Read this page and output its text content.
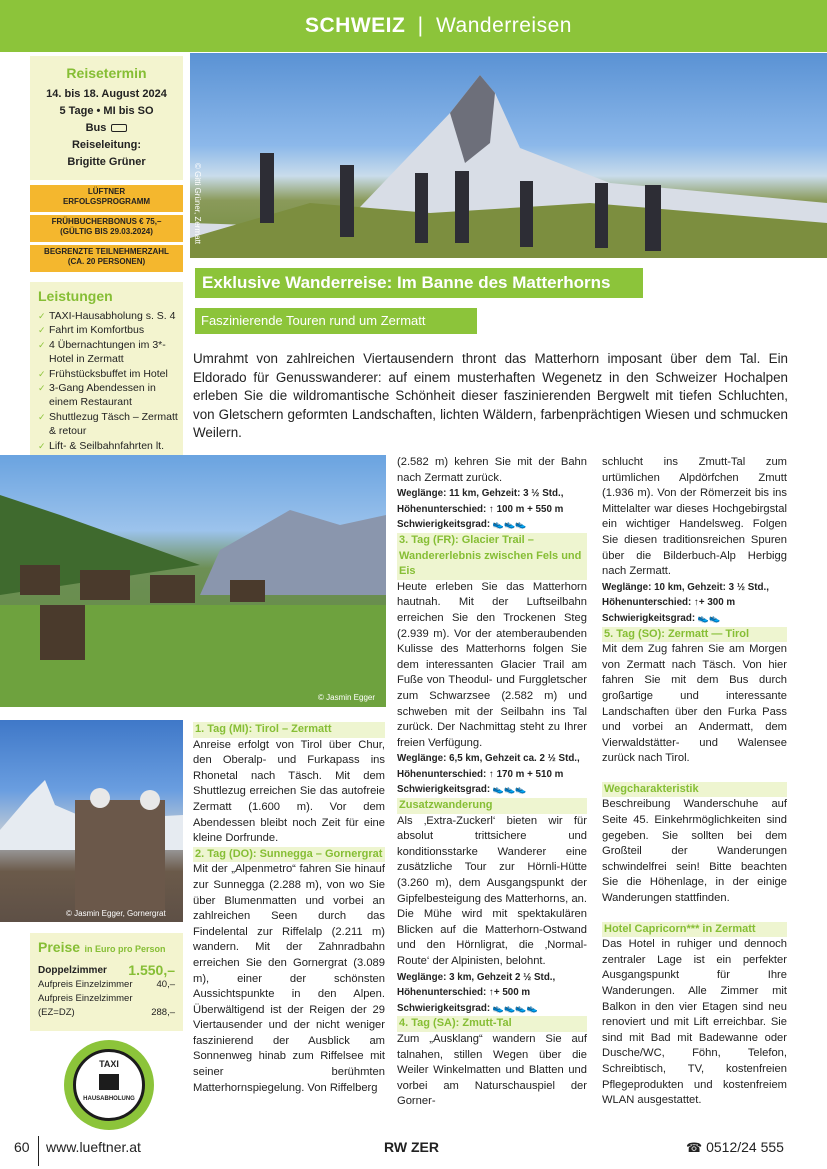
SCHWEIZ | Wanderreisen
Reisetermin
14. bis 18. August 2024
5 Tage • MI bis SO
Bus
Reiseleitung:
Brigitte Grüner
LÜFTNER
ERFOLGSPROGRAMM
FRÜHBUCHERBONUS € 75,–
(GÜLTIG BIS 29.03.2024)
BEGRENZTE TEILNEHMERZAHL
(CA. 20 PERSONEN)
Leistungen
✓ TAXI-Hausabholung s. S. 4
✓ Fahrt im Komfortbus
✓ 4 Übernachtungen im 3*-Hotel in Zermatt
✓ Frühstücksbuffet im Hotel
✓ 3-Gang Abendessen in einem Restaurant
✓ Shuttlezug Täsch – Zermatt & retour
✓ Lift- & Seilbahnfahrten lt.
✓
✓
© Gitti Grüner, Zermatt
Exklusive Wanderreise: Im Banne des Matterhorns
Faszinierende Touren rund um Zermatt
Umrahmt von zahlreichen Viertausendern thront das Matterhorn imposant über dem Tal. Ein Eldorado für Genusswanderer: auf einem musterhaften Wegenetz in den Schweizer Hochalpen erleben Sie die wildromantische Schönheit dieser faszinierenden Bergwelt mit tiefen Schluchten, von Gletschern geformten Landschaften, lichten Wäldern, farbenprächtigen Wiesen und schmucken Weilern.
© Jasmin Egger
© Jasmin Egger, Gornergrat
Preise in Euro pro Person
Doppelzimmer 1.550,–
Aufpreis Einzelzimmer	40,–
Aufpreis Einzelzimmer
(EZ=DZ)	288,–
TAXI
HAUSABHOLUNG
1. Tag (MI): Tirol – Zermatt

Anreise erfolgt von Tirol über Chur, den Oberalp- und Furkapass ins Rhonetal nach Täsch. Mit dem Shuttlezug erreichen Sie das autofreie Zermatt (1.600 m). Vor dem Abendessen bleibt noch Zeit für eine kleine Dorfrunde.

2. Tag (DO): Sunnegga – Gornergrat

Mit der „Alpenmetro“ fahren Sie hinauf zur Sunnegga (2.288 m), von wo Sie über Blumenmatten und vorbei an zahlreichen Seen durch das Findelental zur Riffelalp (2.211 m) wandern. Mit der Zahnradbahn erreichen Sie den Gornergrat (3.089 m), einer der schönsten Aussichtspunkte in den Alpen. Überwältigend ist der Reigen der 29 Viertausender und der nicht weniger faszinierend der Ausblick am Sonnenweg hinab zum Riffelsee mit seiner berühmten Matterhornspiegelung. Von Riffelberg

(2.582 m) kehren Sie mit der Bahn nach Zermatt zurück.

Weglänge: 11 km, Gehzeit: 3 ½ Std.,
Höhenunterschied: ↑ 100 m + 550 m
Schwierigkeitsgrad: 👟👟👟
3. Tag (FR): Glacier Trail – Wandererlebnis zwischen Fels und Eis

Heute erleben Sie das Matterhorn hautnah. Mit der Luftseilbahn erreichen Sie den Trockenen Steg (2.939 m). Vor der atemberaubenden Kulisse des Matterhorns folgen Sie dem interessanten Glacier Trail am Fuße von Theodul- und Furggletscher zum Schwarzsee (2.582 m) und schweben mit der Seilbahn ins Tal zurück. Der Nachmittag steht zu Ihrer freien Verfügung.

Weglänge: 6,5 km, Gehzeit ca. 2 ½ Std.,
Höhenunterschied: ↑ 170 m + 510 m
Schwierigkeitsgrad: 👟👟👟
Zusatzwanderung

Als ‚Extra-Zuckerl‘ bieten wir für absolut trittsichere und konditionsstarke Wanderer eine zusätzliche Tour zur Hörnli-Hütte (3.260 m), dem Ausgangspunkt der Gipfelbesteigung des Matterhorns, an. Die Mühe wird mit spektakulären Blicken auf die Matterhorn-Ostwand und den Hörnligrat, die ‚Normal-Route‘ der Alpinisten, belohnt.

Weglänge: 3 km, Gehzeit 2 ½ Std.,
Höhenunterschied: ↑+ 500 m
Schwierigkeitsgrad: 👟👟👟👟
4. Tag (SA): Zmutt-Tal

Zum „Ausklang“ wandern Sie auf talnahen, stillen Wegen über die Weiler Winkelmatten und Blatten und vorbei am Naturschauspiel der Gorner-

schlucht ins Zmutt-Tal zum urtümlichen Alpdörfchen Zmutt (1.936 m). Von der Römerzeit bis ins Mittelalter war dieses Hochgebirgstal ein wichtiger Handelsweg. Folgen Sie diesen traditionsreichen Spuren über die Bilderbuch-Alp Herbigg nach Zermatt.

Weglänge: 10 km, Gehzeit: 3 ½ Std.,
Höhenunterschied: ↑+ 300 m
Schwierigkeitsgrad: 👟👟
5. Tag (SO): Zermatt — Tirol

Mit dem Zug fahren Sie am Morgen von Zermatt nach Täsch. Von hier fahren Sie mit dem Bus durch großartige und interessante Landschaften über den Furka Pass und vorbei an Andermatt, dem Vierwaldstätter- und Walensee zurück nach Tirol.

Wegcharakteristik

Beschreibung Wanderschuhe auf Seite 45. Einkehrmöglichkeiten sind gegeben. Sie sollten bei dem Großteil der Wanderungen schwindelfrei sein! Bitte beachten Sie die Höhenlage, in der einige Wanderungen stattfinden.

Hotel Capricorn*** in Zermatt

Das Hotel in ruhiger und dennoch zentraler Lage ist ein perfekter Ausgangspunkt für Ihre Wanderungen. Alle Zimmer mit Balkon in den vier Etagen sind neu renoviert und mit Lift erreichbar. Sie sind mit Bad mit Badewanne oder Dusche/WC, Föhn, Telefon, Schreibtisch, TV, kostenfreien Pflegeprodukten und kostenfreiem WLAN ausgestattet.

60 www.lueftner.at	RW ZER	☎ 0512/24 555
